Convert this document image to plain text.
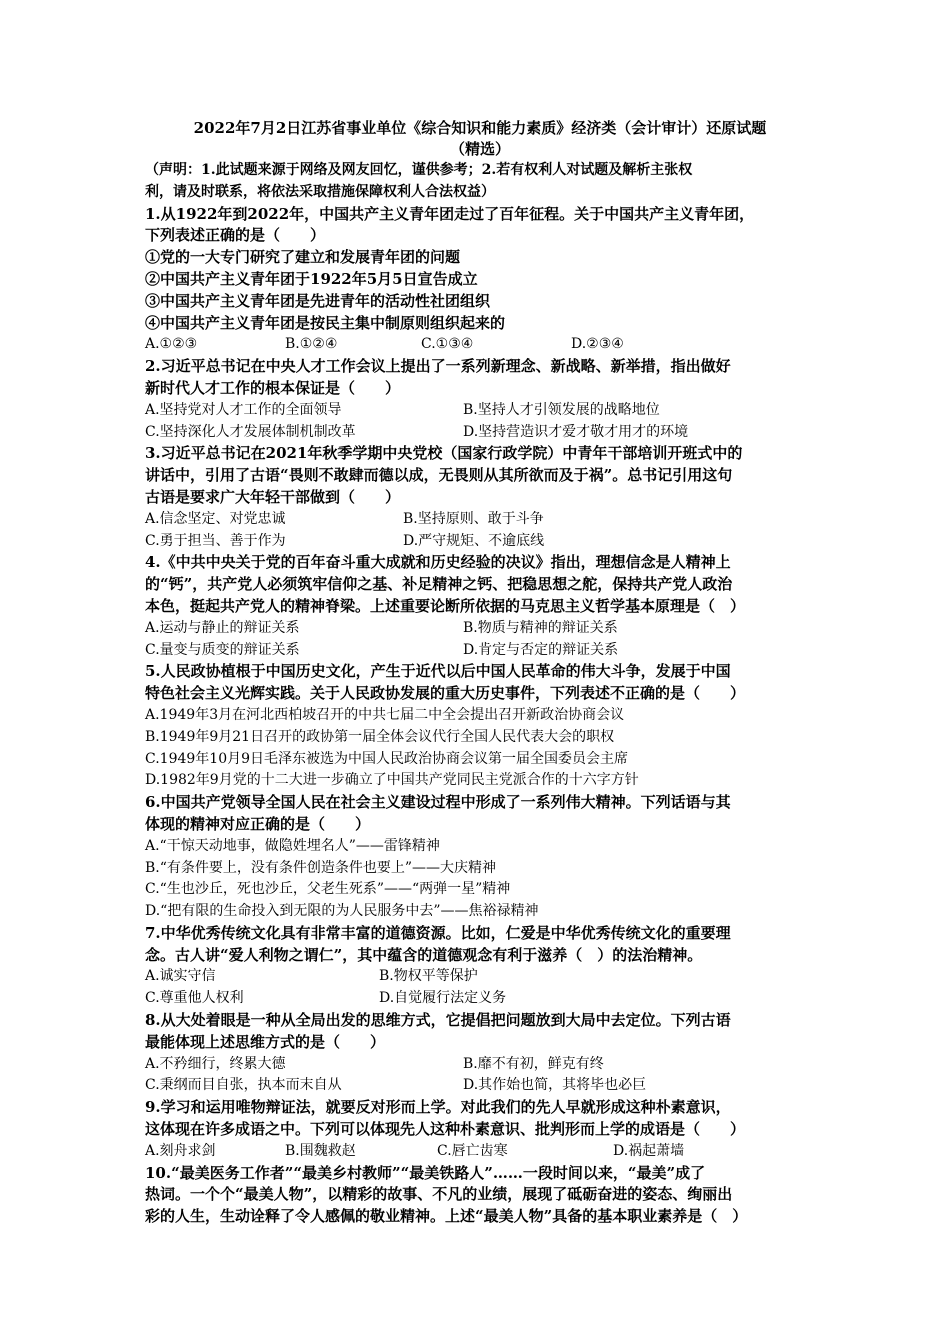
2022年7月2日江苏省事业单位《综合知识和能力素质》经济类（会计审计）还原试题
（精选）
（声明：1.此试题来源于网络及网友回忆，谨供参考；2.若有权利人对试题及解析主张权
利，请及时联系，将依法采取措施保障权利人合法权益）
1.从1922年到2022年，中国共产主义青年团走过了百年征程。关于中国共产主义青年团，
下列表述正确的是（　　）
①党的一大专门研究了建立和发展青年团的问题
②中国共产主义青年团于1922年5月5日宣告成立
③中国共产主义青年团是先进青年的活动性社团组织
④中国共产主义青年团是按民主集中制原则组织起来的
A.①②③	B.①②④	C.①③④	D.②③④
2.习近平总书记在中央人才工作会议上提出了一系列新理念、新战略、新举措，指出做好
新时代人才工作的根本保证是（　　）
A.坚持党对人才工作的全面领导	B.坚持人才引领发展的战略地位
C.坚持深化人才发展体制机制改革	D.坚持营造识才爱才敬才用才的环境
3.习近平总书记在2021年秋季学期中央党校（国家行政学院）中青年干部培训开班式中的
讲话中，引用了古语“畏则不敢肆而德以成，无畏则从其所欲而及于祸”。总书记引用这句
古语是要求广大年轻干部做到（　　）
A.信念坚定、对党忠诚	B.坚持原则、敢于斗争
C.勇于担当、善于作为	D.严守规矩、不逾底线
4.《中共中央关于党的百年奋斗重大成就和历史经验的决议》指出，理想信念是人精神上
的“钙”，共产党人必须筑牢信仰之基、补足精神之钙、把稳思想之舵，保持共产党人政治
本色，挺起共产党人的精神脊梁。上述重要论断所依据的马克思主义哲学基本原理是（　）
A.运动与静止的辩证关系	B.物质与精神的辩证关系
C.量变与质变的辩证关系	D.肯定与否定的辩证关系
5.人民政协植根于中国历史文化，产生于近代以后中国人民革命的伟大斗争，发展于中国
特色社会主义光辉实践。关于人民政协发展的重大历史事件，下列表述不正确的是（　　）
A.1949年3月在河北西柏坡召开的中共七届二中全会提出召开新政治协商会议
B.1949年9月21日召开的政协第一届全体会议代行全国人民代表大会的职权
C.1949年10月9日毛泽东被选为中国人民政治协商会议第一届全国委员会主席
D.1982年9月党的十二大进一步确立了中国共产党同民主党派合作的十六字方针
6.中国共产党领导全国人民在社会主义建设过程中形成了一系列伟大精神。下列话语与其
体现的精神对应正确的是（　　）
A.“干惊天动地事，做隐姓埋名人”——雷锋精神
B.“有条件要上，没有条件创造条件也要上”——大庆精神
C.“生也沙丘，死也沙丘，父老生死系”——“两弹一星”精神
D.“把有限的生命投入到无限的为人民服务中去”——焦裕禄精神
7.中华优秀传统文化具有非常丰富的道德资源。比如，仁爱是中华优秀传统文化的重要理
念。古人讲“爱人利物之谓仁”，其中蕴含的道德观念有利于滋养（　）的法治精神。
A.诚实守信	B.物权平等保护
C.尊重他人权利	D.自觉履行法定义务
8.从大处着眼是一种从全局出发的思维方式，它提倡把问题放到大局中去定位。下列古语
最能体现上述思维方式的是（　　）
A.不矜细行，终累大德	B.靡不有初，鲜克有终
C.秉纲而目自张，执本而末自从	D.其作始也简，其将毕也必巨
9.学习和运用唯物辩证法，就要反对形而上学。对此我们的先人早就形成这种朴素意识，
这体现在许多成语之中。下列可以体现先人这种朴素意识、批判形而上学的成语是（　　）
A.刻舟求剑	B.围魏救赵	C.唇亡齿寒	D.祸起萧墙
10.“最美医务工作者”“最美乡村教师”“最美铁路人”……一段时间以来，“最美”成了
热词。一个个“最美人物”，以精彩的故事、不凡的业绩，展现了砥砺奋进的姿态、绚丽出
彩的人生，生动诠释了令人感佩的敬业精神。上述“最美人物”具备的基本职业素养是（　）
